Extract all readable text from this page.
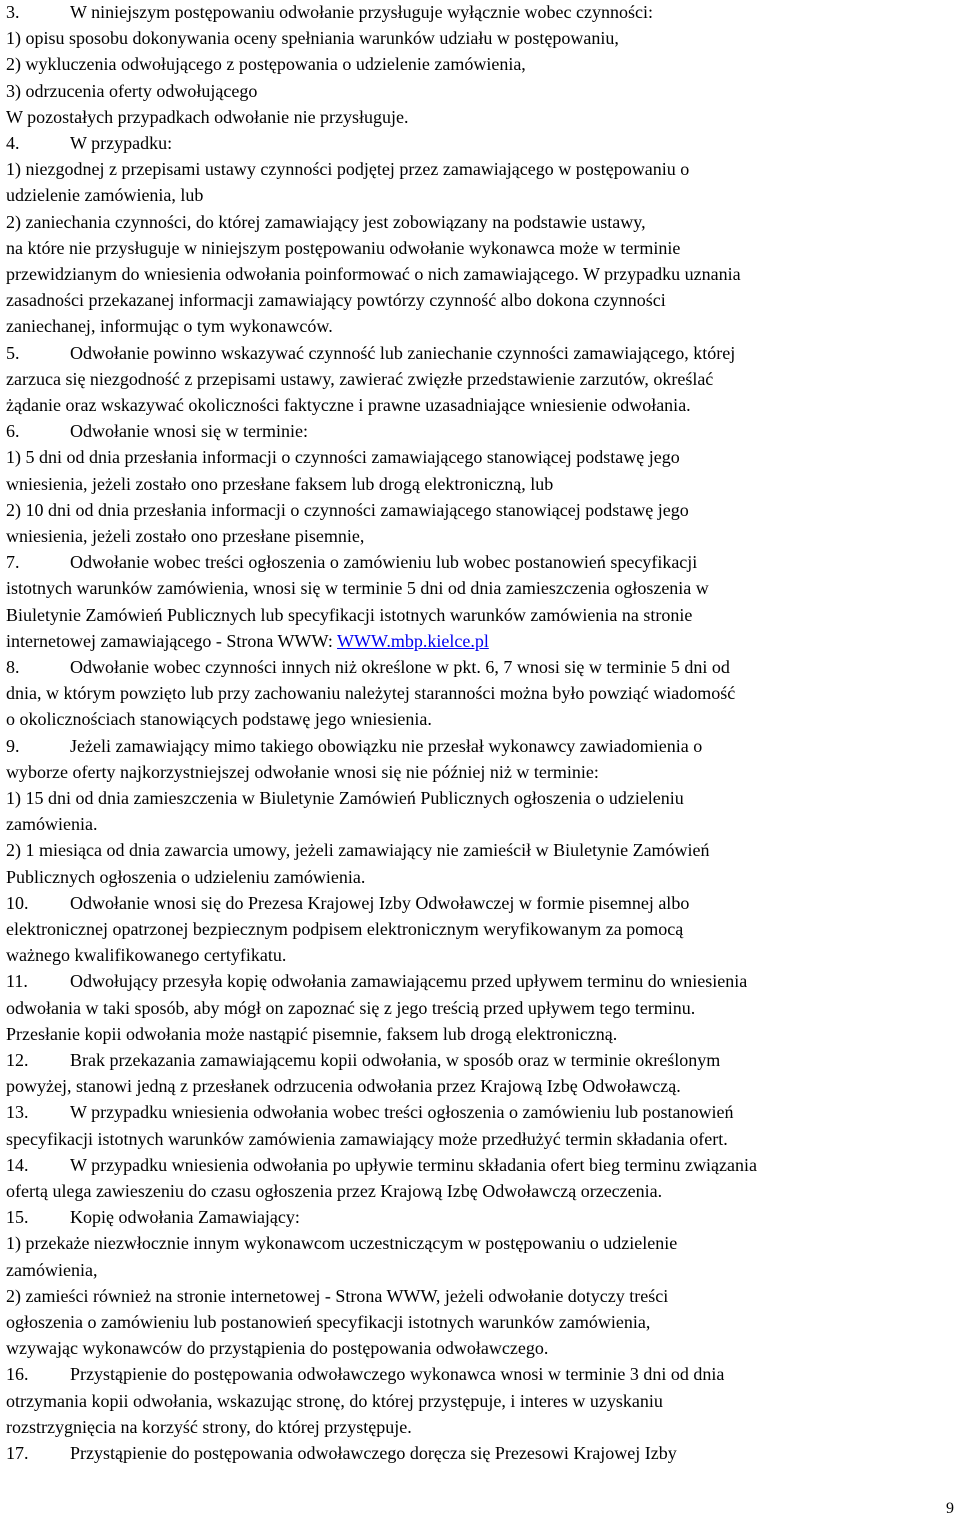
3.	W niniejszym postępowaniu odwołanie przysługuje wyłącznie wobec czynności:
1) opisu sposobu dokonywania oceny spełniania warunków udziału w postępowaniu,
2) wykluczenia odwołującego z postępowania o udzielenie zamówienia,
3) odrzucenia oferty odwołującego
W pozostałych przypadkach odwołanie nie przysługuje.
4.	W przypadku:
1) niezgodnej z przepisami ustawy czynności podjętej przez zamawiającego w postępowaniu o
udzielenie zamówienia, lub
2) zaniechania czynności, do której zamawiający jest zobowiązany na podstawie ustawy,
na które nie przysługuje w niniejszym postępowaniu odwołanie wykonawca może w terminie
przewidzianym do wniesienia odwołania poinformować o nich zamawiającego. W przypadku uznania
zasadności przekazanej informacji zamawiający powtórzy czynność albo dokona czynności
zaniechanej, informując o tym wykonawców.
5.	Odwołanie powinno wskazywać czynność lub zaniechanie czynności zamawiającego, której
zarzuca się niezgodność z przepisami ustawy, zawierać zwięzłe przedstawienie zarzutów, określać
żądanie oraz wskazywać okoliczności faktyczne i prawne uzasadniające wniesienie odwołania.
6.	Odwołanie wnosi się w terminie:
1) 5 dni od dnia przesłania informacji o czynności zamawiającego stanowiącej podstawę jego
wniesienia, jeżeli zostało ono przesłane faksem lub drogą elektroniczną, lub
2) 10 dni od dnia przesłania informacji o czynności zamawiającego stanowiącej podstawę jego
wniesienia, jeżeli zostało ono przesłane pisemnie,
7.	Odwołanie wobec treści ogłoszenia o zamówieniu lub wobec postanowień specyfikacji
istotnych warunków zamówienia, wnosi się w terminie 5 dni od dnia zamieszczenia ogłoszenia w
Biuletynie Zamówień Publicznych lub specyfikacji istotnych warunków zamówienia na stronie
internetowej zamawiającego - Strona WWW: WWW.mbp.kielce.pl
8.	Odwołanie wobec czynności innych niż określone w pkt. 6, 7 wnosi się w terminie 5 dni od
dnia, w którym powzięto lub przy zachowaniu należytej staranności można było powziąć wiadomość
o okolicznościach stanowiących podstawę jego wniesienia.
9.	Jeżeli zamawiający mimo takiego obowiązku nie przesłał wykonawcy zawiadomienia o
wyborze oferty najkorzystniejszej odwołanie wnosi się nie później niż w terminie:
1) 15 dni od dnia zamieszczenia w Biuletynie Zamówień Publicznych ogłoszenia o udzieleniu
zamówienia.
2) 1 miesiąca od dnia zawarcia umowy, jeżeli zamawiający nie zamieścił w Biuletynie Zamówień
Publicznych ogłoszenia o udzieleniu zamówienia.
10. Odwołanie wnosi się do Prezesa Krajowej Izby Odwoławczej w formie pisemnej albo
elektronicznej opatrzonej bezpiecznym podpisem elektronicznym weryfikowanym za pomocą
ważnego kwalifikowanego certyfikatu.
11. Odwołujący przesyła kopię odwołania zamawiającemu przed upływem terminu do wniesienia
odwołania w taki sposób, aby mógł on zapoznać się z jego treścią przed upływem tego terminu.
Przesłanie kopii odwołania może nastąpić pisemnie, faksem lub drogą elektroniczną.
12. Brak przekazania zamawiającemu kopii odwołania, w sposób oraz w terminie określonym
powyżej, stanowi jedną z przesłanek odrzucenia odwołania przez Krajową Izbę Odwoławczą.
13. W przypadku wniesienia odwołania wobec treści ogłoszenia o zamówieniu lub postanowień
specyfikacji istotnych warunków zamówienia zamawiający może przedłużyć termin składania ofert.
14. W przypadku wniesienia odwołania po upływie terminu składania ofert bieg terminu związania
ofertą ulega zawieszeniu do czasu ogłoszenia przez Krajową Izbę Odwoławczą orzeczenia.
15. Kopię odwołania Zamawiający:
1) przekaże niezwłocznie innym wykonawcom uczestniczącym w postępowaniu o udzielenie
zamówienia,
2) zamieści również na stronie internetowej - Strona WWW, jeżeli odwołanie dotyczy treści
ogłoszenia o zamówieniu lub postanowień specyfikacji istotnych warunków zamówienia,
wzywając wykonawców do przystąpienia do postępowania odwoławczego.
16. Przystąpienie do postępowania odwoławczego wykonawca wnosi w terminie 3 dni od dnia
otrzymania kopii odwołania, wskazując stronę, do której przystępuje, i interes w uzyskaniu
rozstrzygnięcia na korzyść strony, do której przystępuje.
17. Przystąpienie do postępowania odwoławczego doręcza się Prezesowi Krajowej Izby
9
